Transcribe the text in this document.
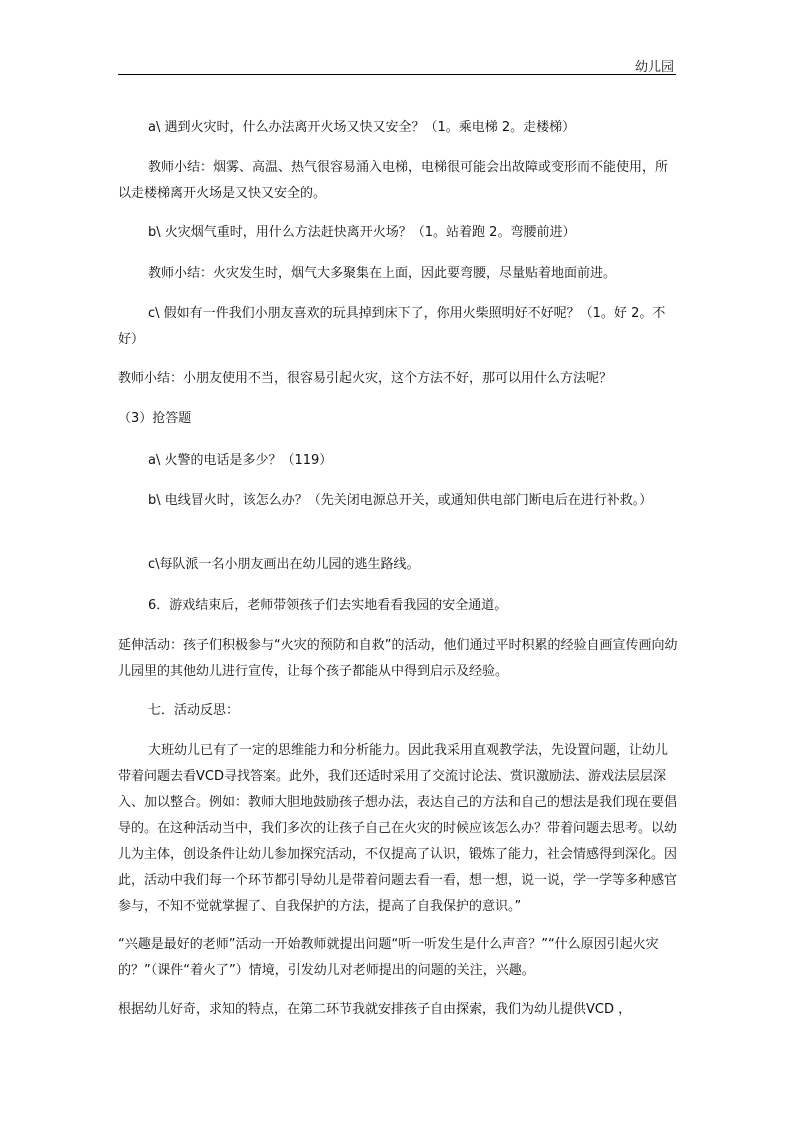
幼儿园

a\ 遇到火灾时，什么办法离开火场又快又安全？（1。乘电梯 2。走楼梯）

教师小结：烟雾、高温、热气很容易涌入电梯，电梯很可能会出故障或变形而不能使用，所以走楼梯离开火场是又快又安全的。

b\ 火灾烟气重时，用什么方法赶快离开火场？（1。站着跑 2。弯腰前进）

教师小结：火灾发生时，烟气大多聚集在上面，因此要弯腰，尽量贴着地面前进。

c\ 假如有一件我们小朋友喜欢的玩具掉到床下了，你用火柴照明好不好呢？（1。好 2。不好）

教师小结：小朋友使用不当，很容易引起火灾，这个方法不好，那可以用什么方法呢？

（3）抢答题

a\ 火警的电话是多少？（119）

b\ 电线冒火时，该怎么办？（先关闭电源总开关，或通知供电部门断电后在进行补救。）

c\每队派一名小朋友画出在幼儿园的逃生路线。

6．游戏结束后，老师带领孩子们去实地看看我园的安全通道。

延伸活动：孩子们积极参与“火灾的预防和自救”的活动，他们通过平时积累的经验自画宣传画向幼儿园里的其他幼儿进行宣传，让每个孩子都能从中得到启示及经验。

七．活动反思：

大班幼儿已有了一定的思维能力和分析能力。因此我采用直观教学法，先设置问题，让幼儿带着问题去看VCD寻找答案。此外，我们还适时采用了交流讨论法、赏识激励法、游戏法层层深入、加以整合。例如：教师大胆地鼓励孩子想办法，表达自己的方法和自己的想法是我们现在要倡导的。在这种活动当中，我们多次的让孩子自己在火灾的时候应该怎么办？带着问题去思考。以幼儿为主体，创设条件让幼儿参加探究活动，不仅提高了认识，锻炼了能力，社会情感得到深化。因此，活动中我们每一个环节都引导幼儿是带着问题去看一看，想一想，说一说，学一学等多种感官参与，不知不觉就掌握了、自我保护的方法，提高了自我保护的意识。”

“兴趣是最好的老师”活动一开始教师就提出问题“听一听发生是什么声音？”“什么原因引起火灾的？”（课件“着火了”）情境，引发幼儿对老师提出的问题的关注，兴趣。

根据幼儿好奇，求知的特点，在第二环节我就安排孩子自由探索，我们为幼儿提供VCD ，
